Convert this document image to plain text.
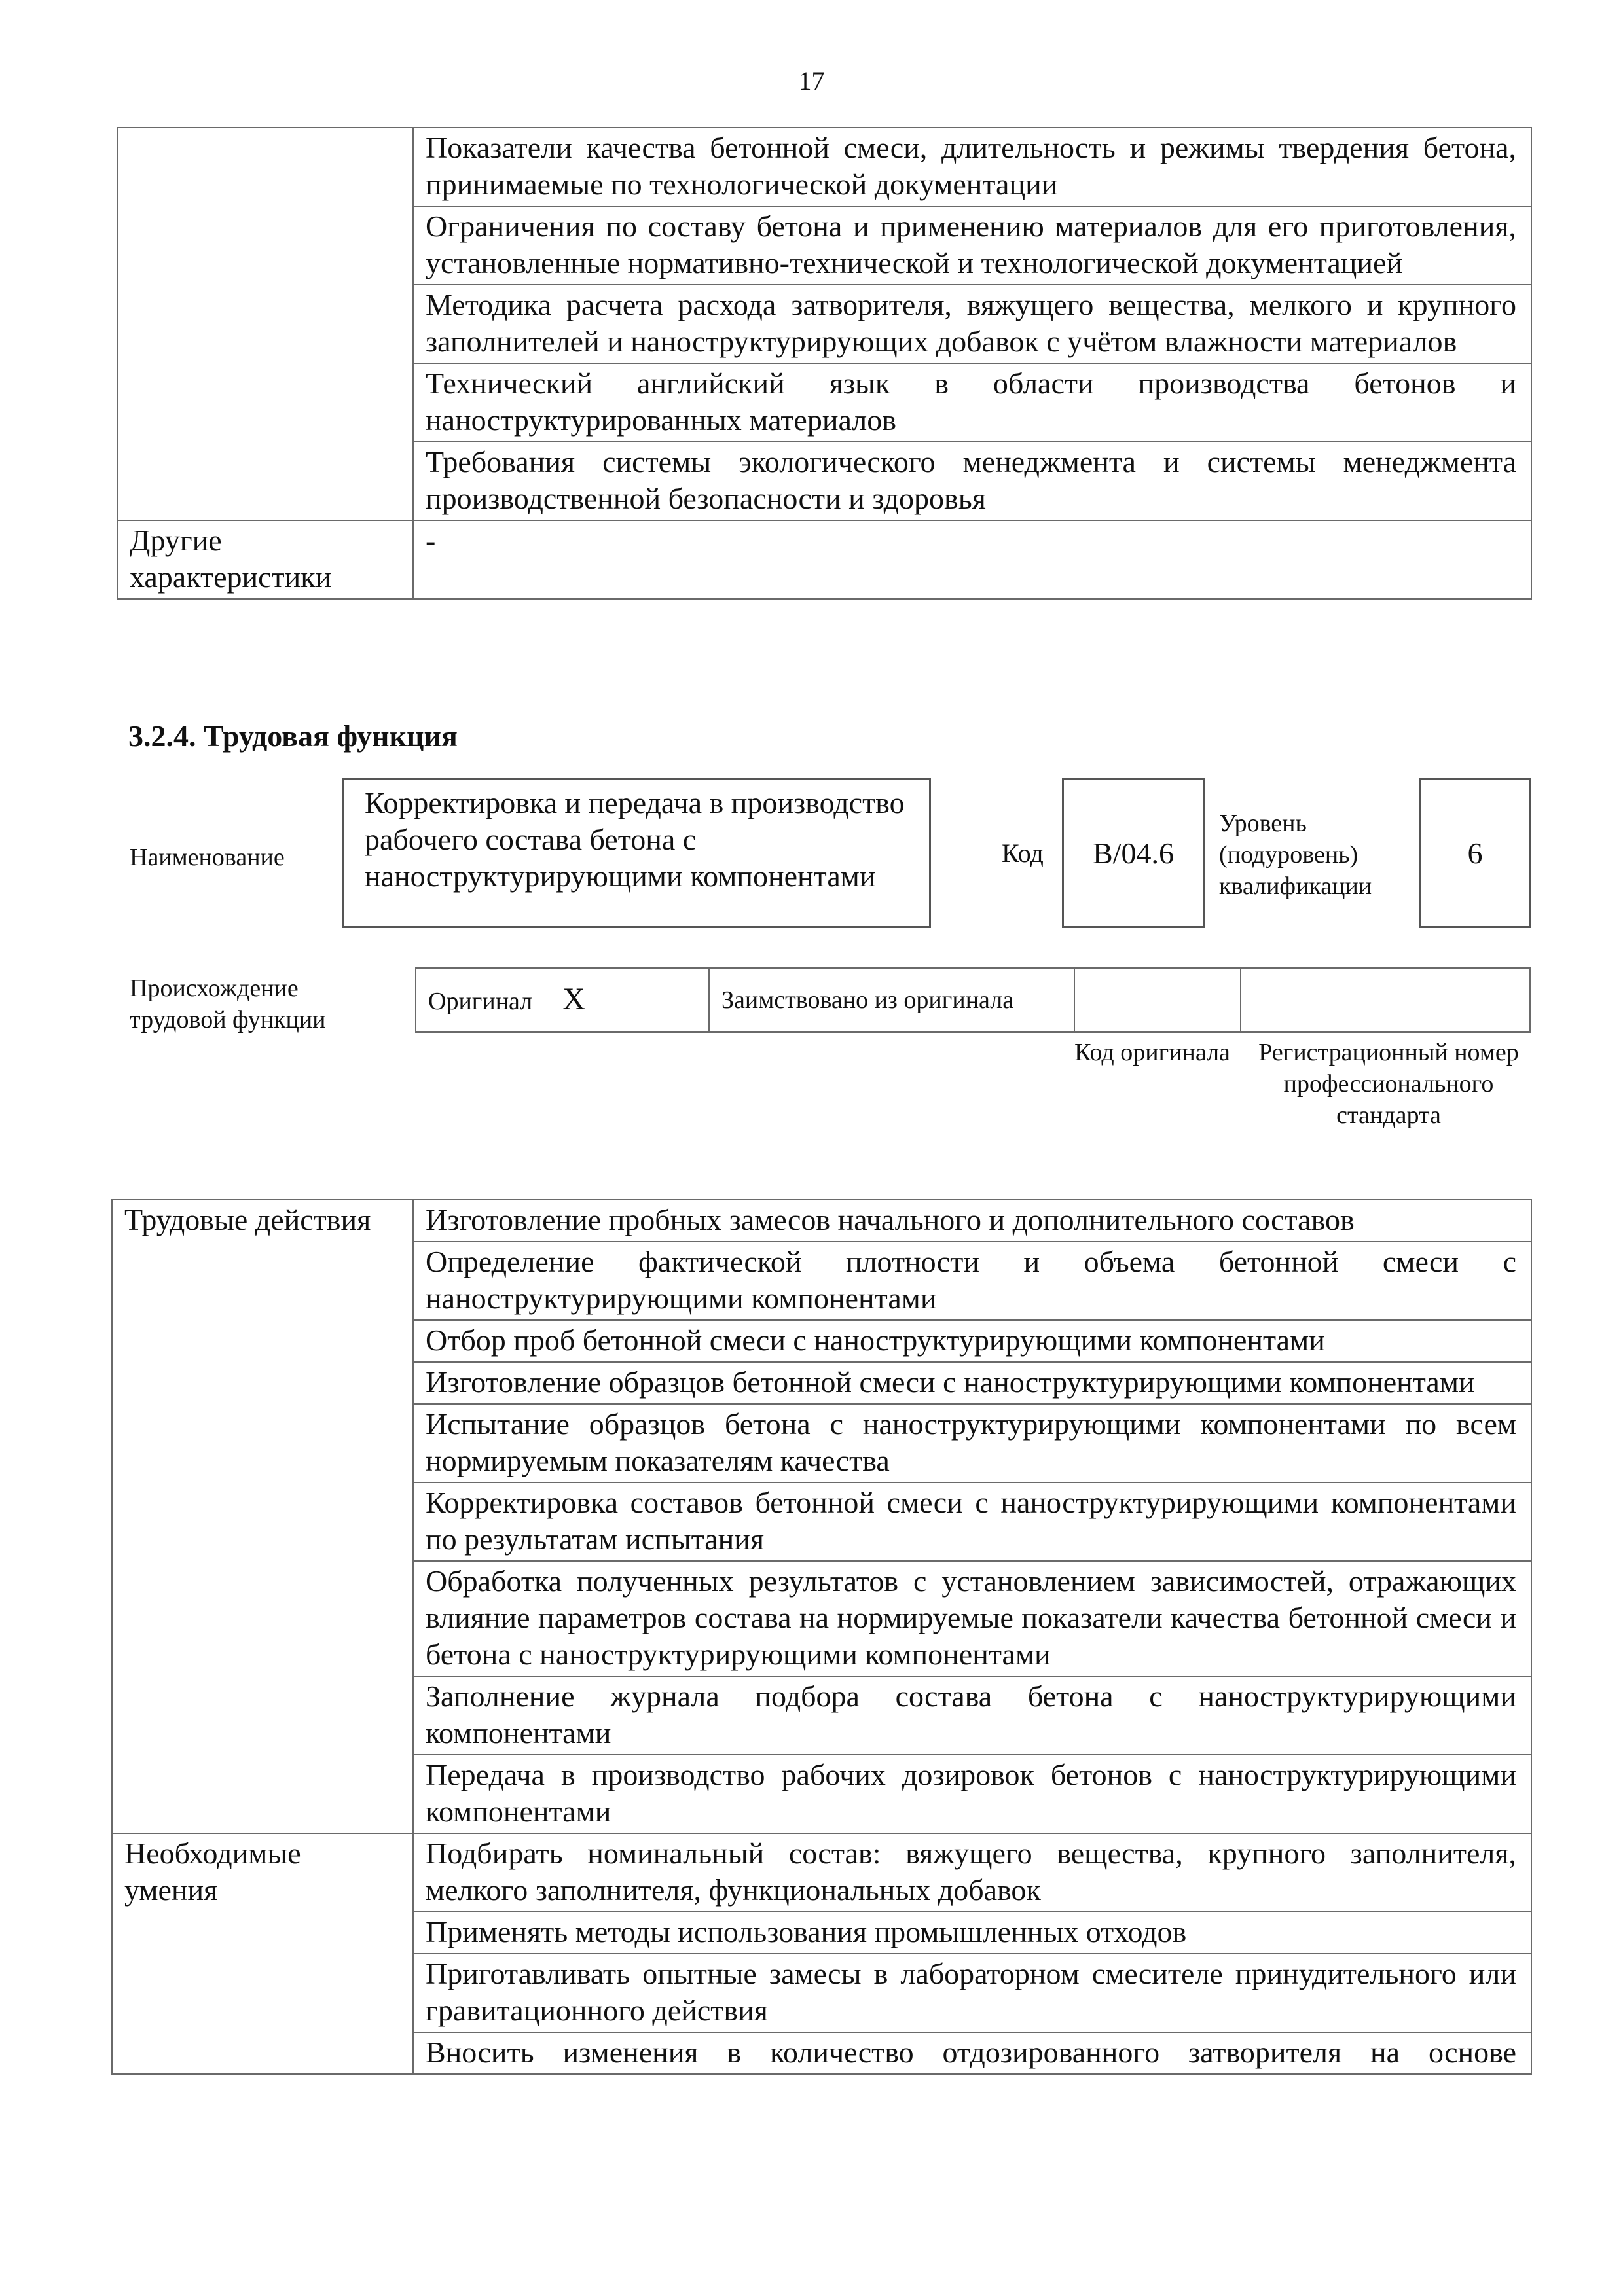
17
	Показатели качества бетонной смеси, длительность и режимы твердения бетона, принимаемые по технологической документации
	Ограничения по составу бетона и применению материалов для его приготовления, установленные нормативно-технической и технологической документацией
	Методика расчета расхода затворителя, вяжущего вещества, мелкого и крупного заполнителей и наноструктурирующих добавок с учётом влажности материалов
	Технический английский язык в области производства бетонов и наноструктурированных материалов
	Требования системы экологического менеджмента и системы менеджмента производственной безопасности и здоровья
Другие характеристики	-
3.2.4. Трудовая функция
Наименование
Корректировка и передача в производство рабочего состава бетона с наноструктурирующими компонентами
Код	B/04.6
Уровень (подуровень) квалификации
6
Происхождение трудовой функции
Оригинал X	Заимствовано из оригинала		
Код оригинала	Регистрационный номер профессионального стандарта
Трудовые действия	Изготовление пробных замесов начального и дополнительного составов
	Определение фактической плотности и объема бетонной смеси с наноструктурирующими компонентами
	Отбор проб бетонной смеси с наноструктурирующими компонентами
	Изготовление образцов бетонной смеси с наноструктурирующими компонентами
	Испытание образцов бетона с наноструктурирующими компонентами по всем нормируемым показателям качества
	Корректировка составов бетонной смеси с наноструктурирующими компонентами по результатам испытания
	Обработка полученных результатов с установлением зависимостей, отражающих влияние параметров состава на нормируемые показатели качества бетонной смеси и бетона с наноструктурирующими компонентами
	Заполнение журнала подбора состава бетона с наноструктурирующими компонентами
	Передача в производство рабочих дозировок бетонов с наноструктурирующими компонентами
Необходимые умения	Подбирать номинальный состав: вяжущего вещества, крупного заполнителя, мелкого заполнителя, функциональных добавок
	Применять методы использования промышленных отходов
	Приготавливать опытные замесы в лабораторном смесителе принудительного или гравитационного действия
	Вносить изменения в количество отдозированного затворителя на основе
